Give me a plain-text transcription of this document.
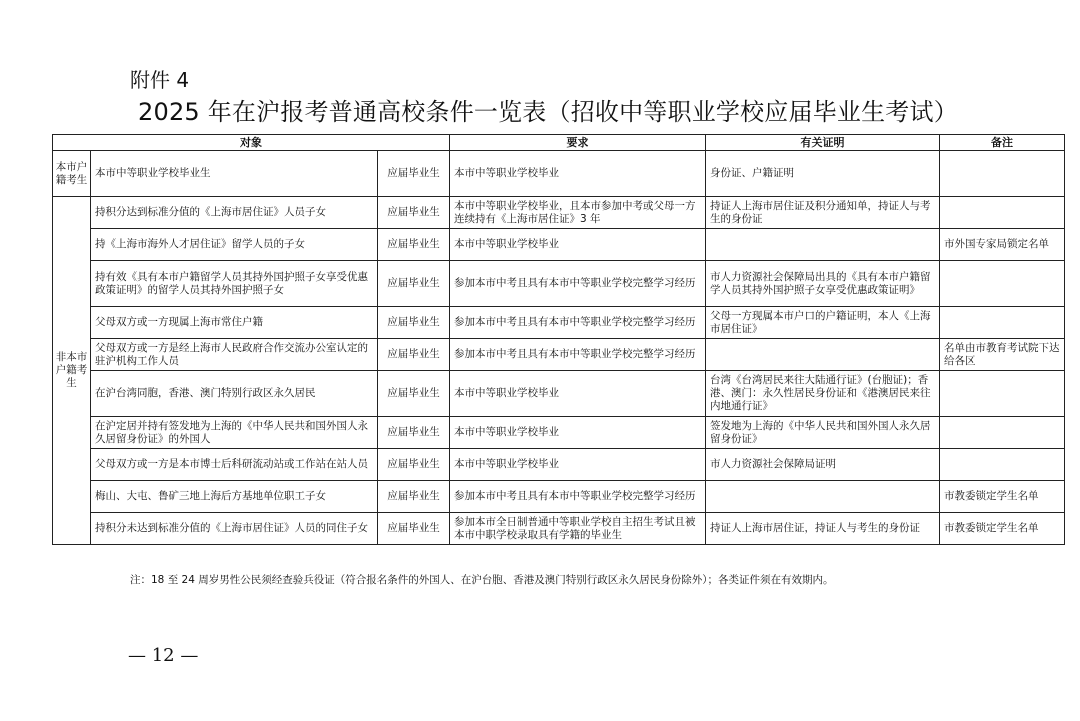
附件 4
2025 年在沪报考普通高校条件一览表（招收中等职业学校应届毕业生考试）
对象			要求	有关证明	备注
本市户籍考生	本市中等职业学校毕业生	应届毕业生	本市中等职业学校毕业	身份证、户籍证明	
非本市户籍考生	持积分达到标准分值的《上海市居住证》人员子女	应届毕业生	本市中等职业学校毕业，且本市参加中考或父母一方连续持有《上海市居住证》3 年	持证人上海市居住证及积分通知单，持证人与考生的身份证	
	持《上海市海外人才居住证》留学人员的子女	应届毕业生	本市中等职业学校毕业		市外国专家局锁定名单
	持有效《具有本市户籍留学人员其持外国护照子女享受优惠政策证明》的留学人员其持外国护照子女	应届毕业生	参加本市中考且具有本市中等职业学校完整学习经历	市人力资源社会保障局出具的《具有本市户籍留学人员其持外国护照子女享受优惠政策证明》	
	父母双方或一方现属上海市常住户籍	应届毕业生	参加本市中考且具有本市中等职业学校完整学习经历	父母一方现属本市户口的户籍证明，本人《上海市居住证》	
	父母双方或一方是经上海市人民政府合作交流办公室认定的驻沪机构工作人员	应届毕业生	参加本市中考且具有本市中等职业学校完整学习经历		名单由市教育考试院下达给各区
	在沪台湾同胞，香港、澳门特别行政区永久居民	应届毕业生	本市中等职业学校毕业	台湾《台湾居民来往大陆通行证》(台胞证)；香港、澳门：永久性居民身份证和《港澳居民来往内地通行证》	
	在沪定居并持有签发地为上海的《中华人民共和国外国人永久居留身份证》的外国人	应届毕业生	本市中等职业学校毕业	签发地为上海的《中华人民共和国外国人永久居留身份证》	
	父母双方或一方是本市博士后科研流动站或工作站在站人员	应届毕业生	本市中等职业学校毕业	市人力资源社会保障局证明	
	梅山、大屯、鲁矿三地上海后方基地单位职工子女	应届毕业生	参加本市中考且具有本市中等职业学校完整学习经历		市教委锁定学生名单
	持积分未达到标准分值的《上海市居住证》人员的同住子女	应届毕业生	参加本市全日制普通中等职业学校自主招生考试且被本市中职学校录取具有学籍的毕业生	持证人上海市居住证，持证人与考生的身份证	市教委锁定学生名单
注：18 至 24 周岁男性公民须经查验兵役证（符合报名条件的外国人、在沪台胞、香港及澳门特别行政区永久居民身份除外）；各类证件须在有效期内。
— 12 —
